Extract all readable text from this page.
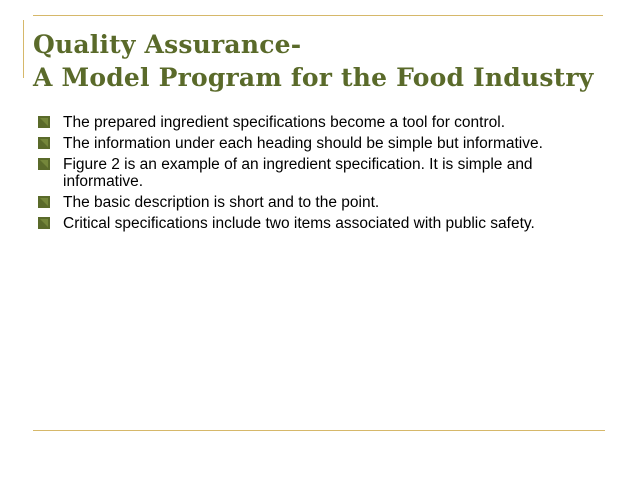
Quality Assurance-
A Model Program for the Food Industry
The prepared ingredient specifications become a tool for control.
The information under each heading should be simple but informative.
Figure 2 is an example of an ingredient specification. It is simple and informative.
The basic description is short and to the point.
Critical specifications include two items associated with public safety.
